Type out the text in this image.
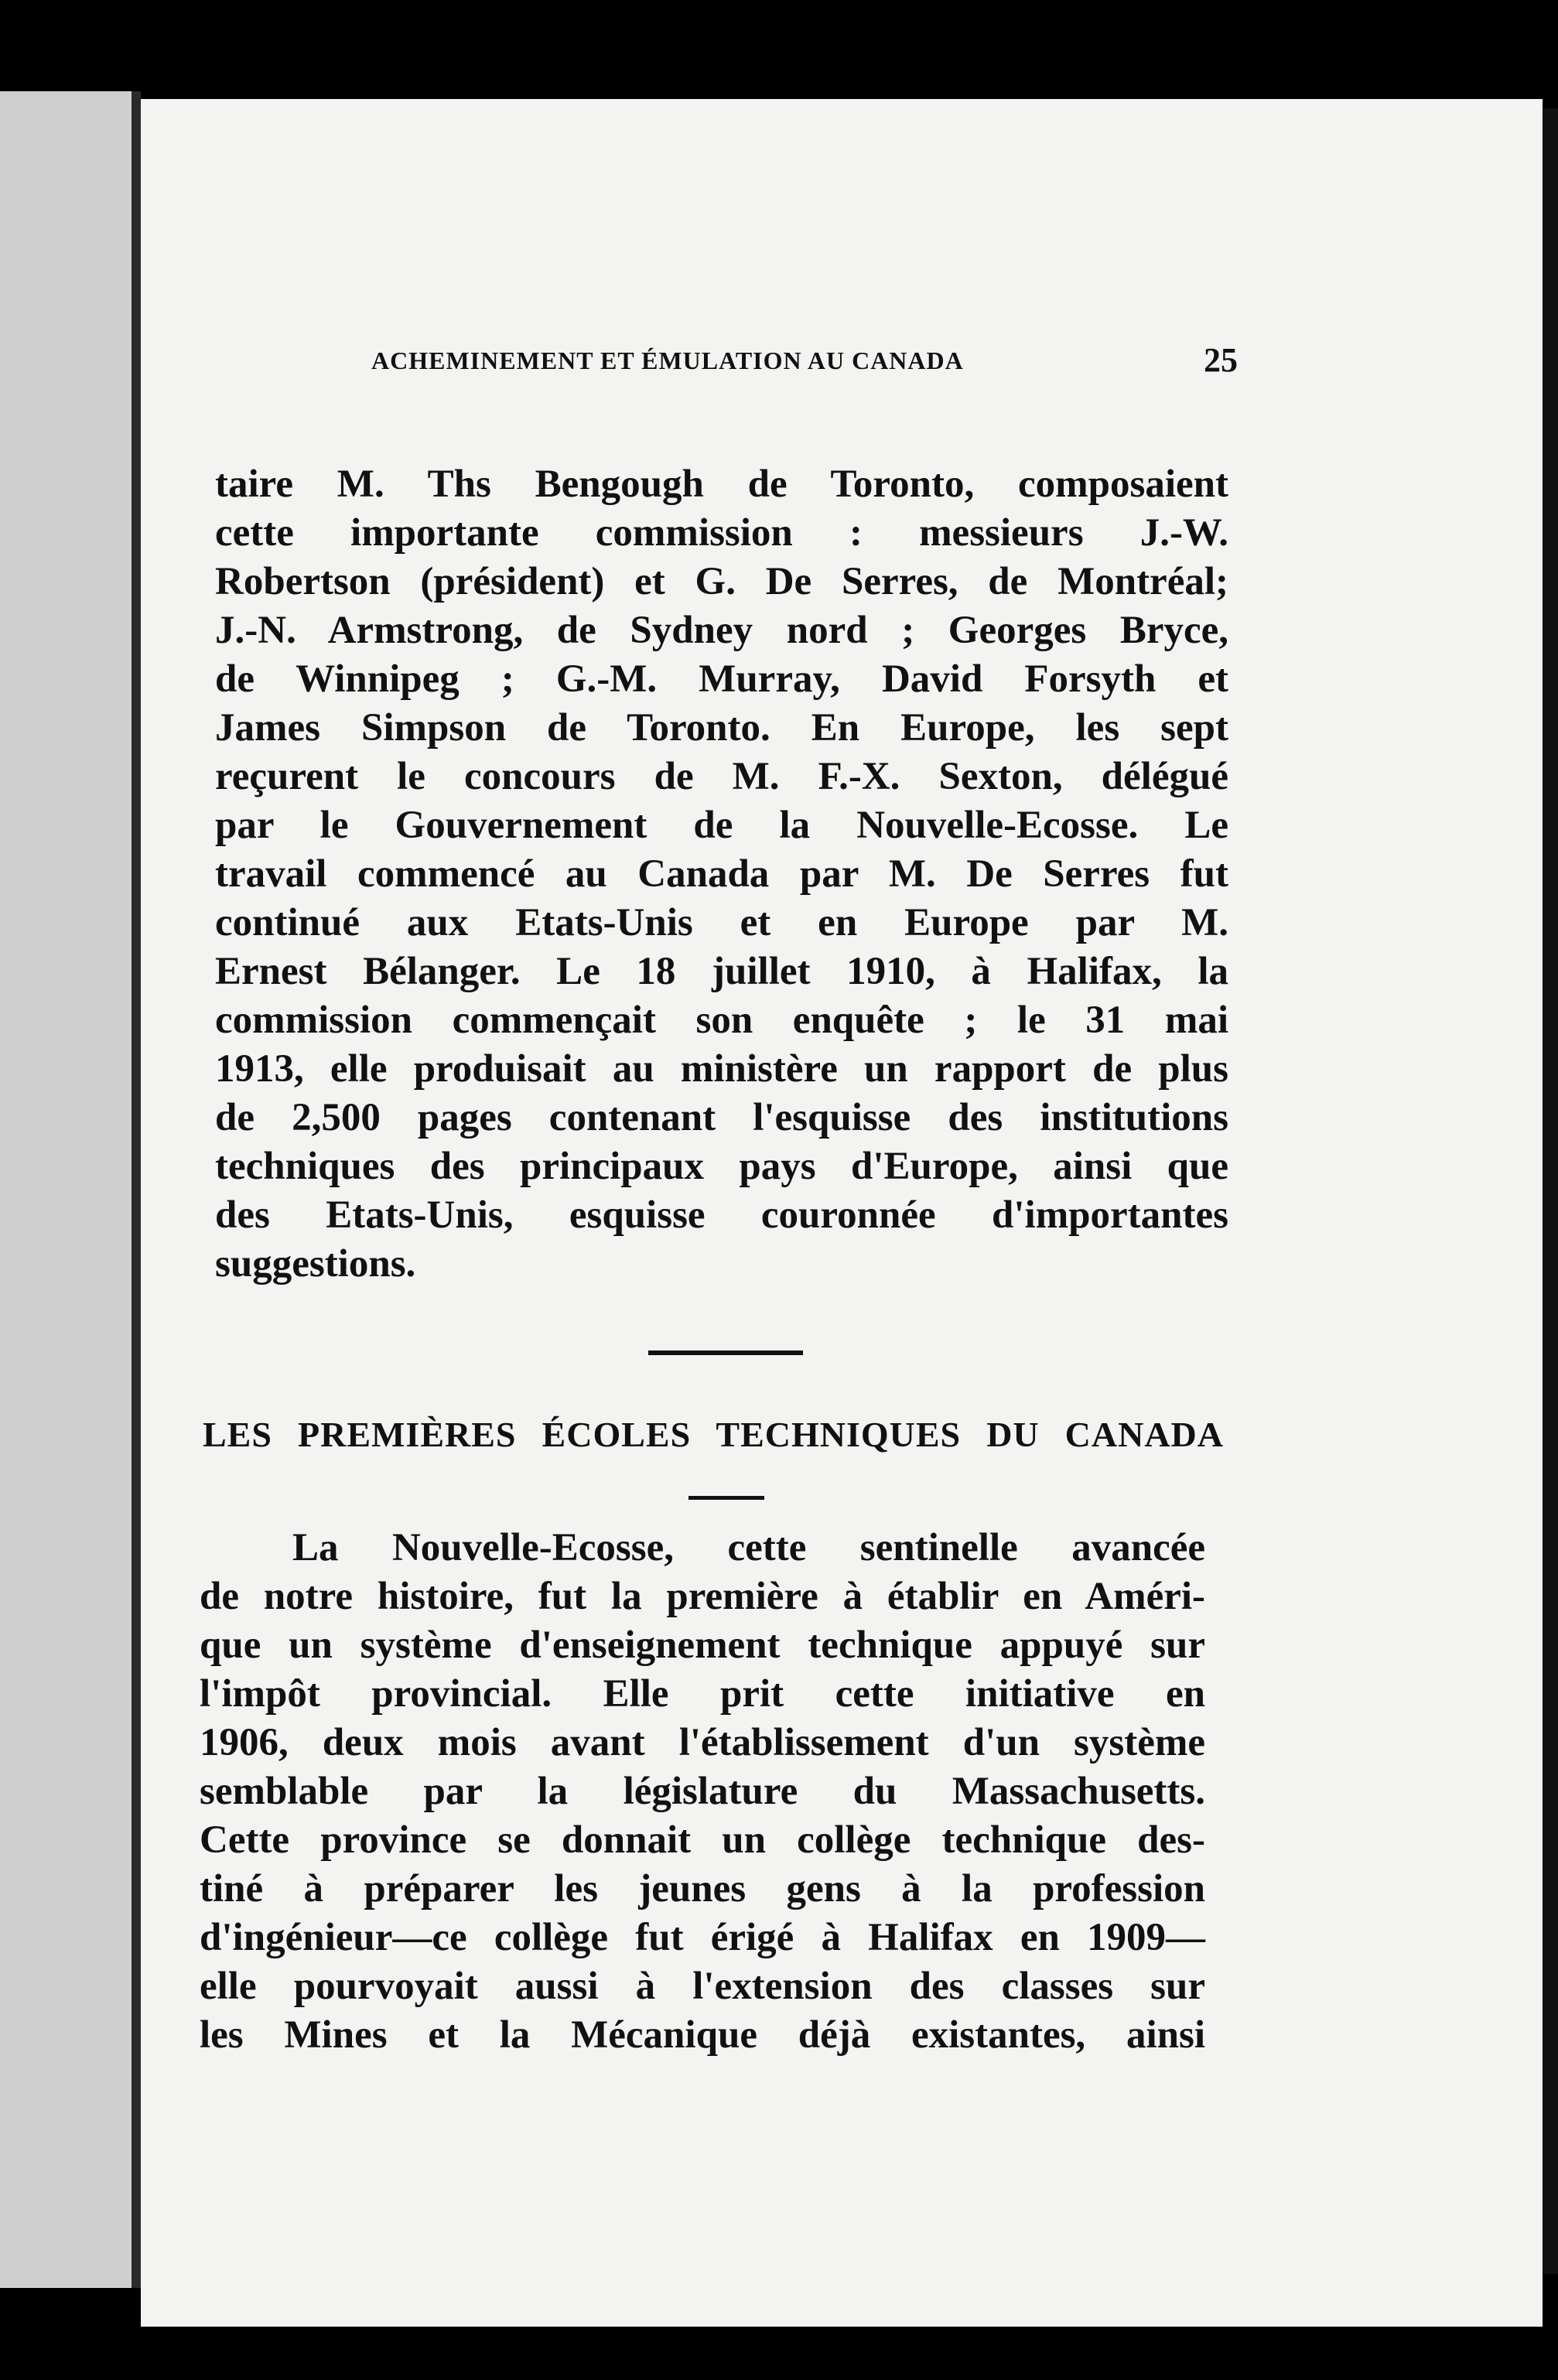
ACHEMINEMENT ET ÉMULATION AU CANADA	25
taire M. Ths Bengough de Toronto, composaient
cette importante commission : messieurs J.-W.
Robertson (président) et G. De Serres, de Montréal;
J.-N. Armstrong, de Sydney nord ; Georges Bryce,
de Winnipeg ; G.-M. Murray, David Forsyth et
James Simpson de Toronto. En Europe, les sept
reçurent le concours de M. F.-X. Sexton, délégué
par le Gouvernement de la Nouvelle-Ecosse. Le
travail commencé au Canada par M. De Serres fut
continué aux Etats-Unis et en Europe par M.
Ernest Bélanger. Le 18 juillet 1910, à Halifax, la
commission commençait son enquête ; le 31 mai
1913, elle produisait au ministère un rapport de plus
de 2,500 pages contenant l'esquisse des institutions
techniques des principaux pays d'Europe, ainsi que
des Etats-Unis, esquisse couronnée d'importantes
suggestions.
LES PREMIÈRES ÉCOLES TECHNIQUES DU CANADA
La Nouvelle-Ecosse, cette sentinelle avancée
de notre histoire, fut la première à établir en Améri-
que un système d'enseignement technique appuyé sur
l'impôt provincial. Elle prit cette initiative en
1906, deux mois avant l'établissement d'un système
semblable par la législature du Massachusetts.
Cette province se donnait un collège technique des-
tiné à préparer les jeunes gens à la profession
d'ingénieur—ce collège fut érigé à Halifax en 1909—
elle pourvoyait aussi à l'extension des classes sur
les Mines et la Mécanique déjà existantes, ainsi
